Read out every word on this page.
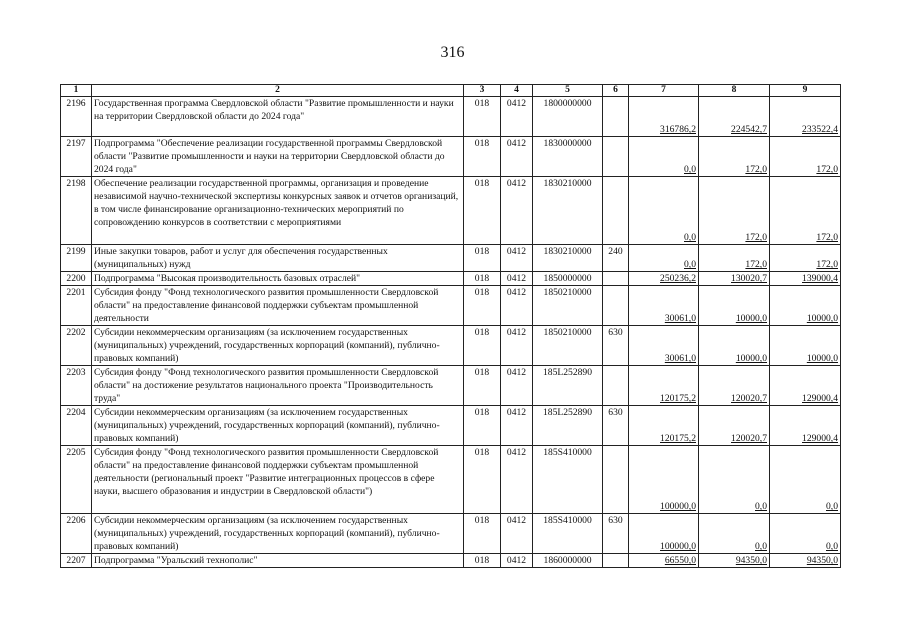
316
1	2	3	4	5	6	7	8	9
2196	Государственная программа Свердловской области "Развитие промышленности и науки на территории Свердловской области до 2024 года"	018	0412	1800000000		316786,2	224542,7	233522,4
2197	Подпрограмма "Обеспечение реализации государственной программы Свердловской области "Развитие промышленности и науки на территории Свердловской области до 2024 года"	018	0412	1830000000		0,0	172,0	172,0
2198	Обеспечение реализации государственной программы, организация и проведение независимой научно-технической экспертизы конкурсных заявок и отчетов организаций, в том числе финансирование организационно-технических мероприятий по сопровождению конкурсов в соответствии с мероприятиями	018	0412	1830210000		0,0	172,0	172,0
2199	Иные закупки товаров, работ и услуг для обеспечения государственных (муниципальных) нужд	018	0412	1830210000	240	0,0	172,0	172,0
2200	Подпрограмма "Высокая производительность базовых отраслей"	018	0412	1850000000		250236,2	130020,7	139000,4
2201	Субсидия фонду "Фонд технологического развития промышленности Свердловской области" на предоставление финансовой поддержки субъектам промышленной деятельности	018	0412	1850210000		30061,0	10000,0	10000,0
2202	Субсидии некоммерческим организациям (за исключением государственных (муниципальных) учреждений, государственных корпораций (компаний), публично-правовых компаний)	018	0412	1850210000	630	30061,0	10000,0	10000,0
2203	Субсидия фонду "Фонд технологического развития промышленности Свердловской области" на достижение результатов национального проекта "Производительность труда"	018	0412	185L252890		120175,2	120020,7	129000,4
2204	Субсидии некоммерческим организациям (за исключением государственных (муниципальных) учреждений, государственных корпораций (компаний), публично-правовых компаний)	018	0412	185L252890	630	120175,2	120020,7	129000,4
2205	Субсидия фонду "Фонд технологического развития промышленности Свердловской области" на предоставление финансовой поддержки субъектам промышленной деятельности (региональный проект "Развитие интеграционных процессов в сфере науки, высшего образования и индустрии в Свердловской области")	018	0412	185S410000		100000,0	0,0	0,0
2206	Субсидии некоммерческим организациям (за исключением государственных (муниципальных) учреждений, государственных корпораций (компаний), публично-правовых компаний)	018	0412	185S410000	630	100000,0	0,0	0,0
2207	Подпрограмма "Уральский технополис"	018	0412	1860000000		66550,0	94350,0	94350,0
